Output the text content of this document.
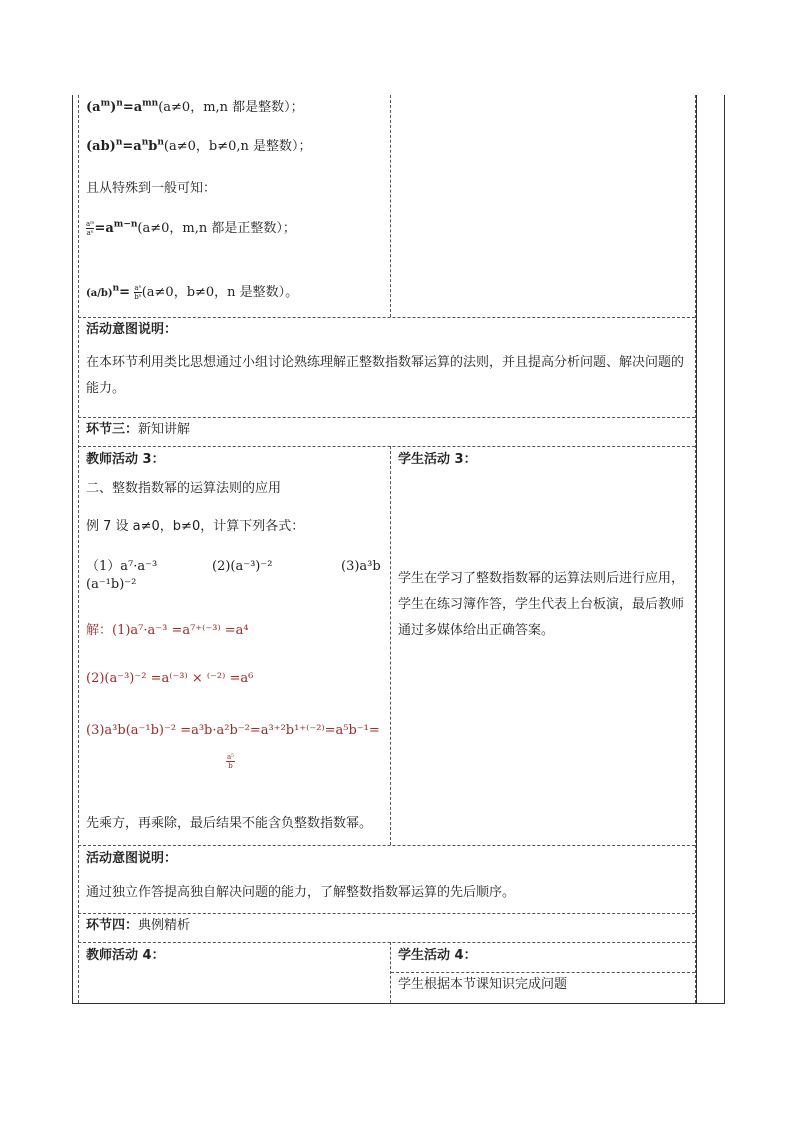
$(a^m)^n=a^{mn}(a\ne 0$，m,n 都是整数）；
$(ab)^n=a^nb^n(a\ne 0$，b≠0,n 是整数）；
且从特殊到一般可知：
$\frac{\text{aᵐ}}{\text{aⁿ}} =a^{m-n}(a\ne 0$，m,n 都是正整数）；
$(a/b)^n= \frac{\text{aⁿ}}{\text{bⁿ}} (a\ne 0$，b≠0，n 是整数）。
活动意图说明：
在本环节利用类比思想通过小组讨论熟练理解正整数指数幂运算的法则，并且提高分析问题、解决问题的能力。
环节三：新知讲解
教师活动 3：
二、整数指数幂的运算法则的应用
例 7 设 a≠0，b≠0，计算下列各式：
（1）a⁷·a⁻³	(2)(a⁻³)⁻²	(3)a³b
(a⁻¹b)⁻²
解：(1)a⁷·a⁻³ =a⁷⁺⁽⁻³⁾ =a⁴
(2)(a⁻³)⁻² =a⁽⁻³⁾ × ⁽⁻²⁾ =a⁶
(3)a³b(a⁻¹b)⁻² =a³b·a²b⁻²=a³⁺²b¹⁺⁽⁻²⁾=a⁵b⁻¹=
a⁵
b
先乘方，再乘除，最后结果不能含负整数指数幂。
学生活动 3：
学生在学习了整数指数幂的运算法则后进行应用，学生在练习簿作答，学生代表上台板演，最后教师通过多媒体给出正确答案。
活动意图说明：
通过独立作答提高独自解决问题的能力，了解整数指数幂运算的先后顺序。
环节四：典例精析
教师活动 4：	学生活动 4：
学生根据本节课知识完成问题
